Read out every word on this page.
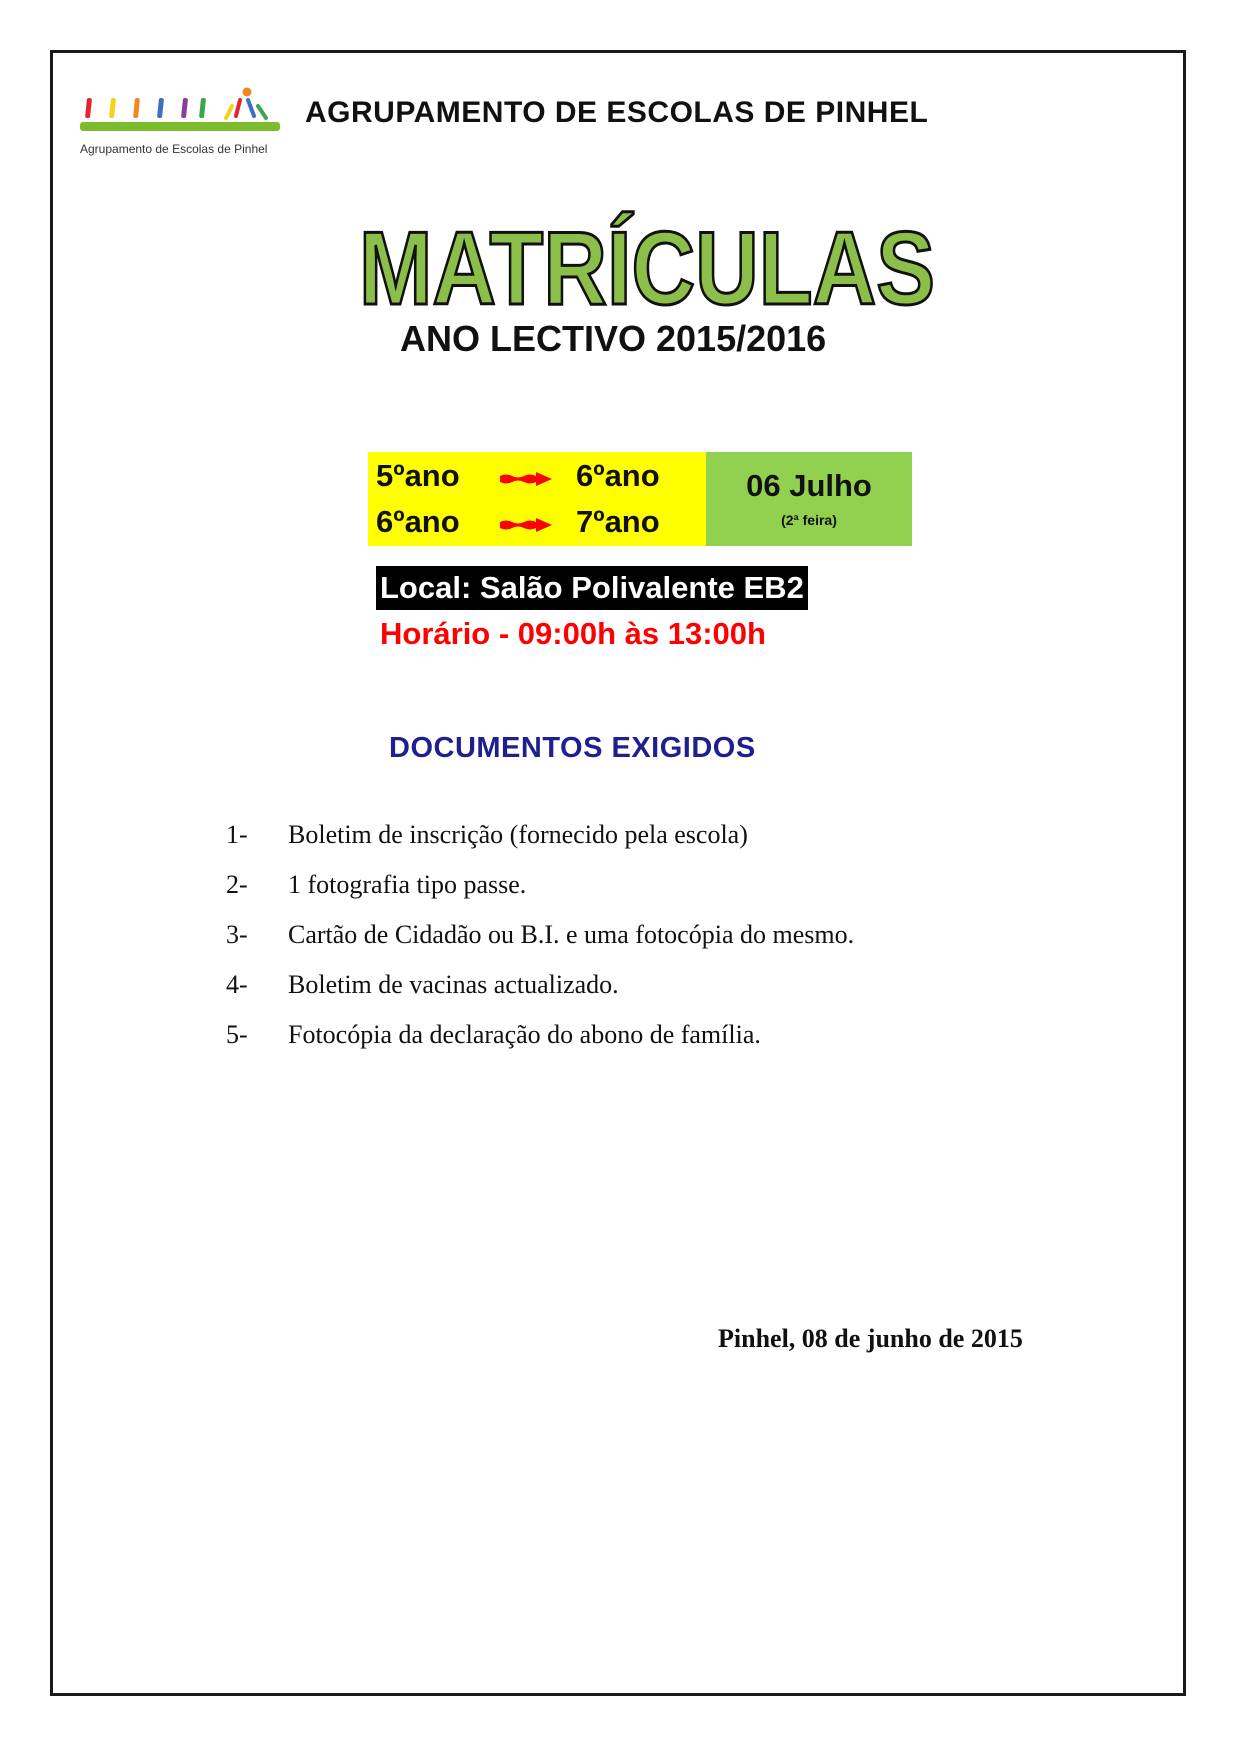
Agrupamento de Escolas de Pinhel
AGRUPAMENTO DE ESCOLAS DE PINHEL
MATRÍCULAS
ANO LECTIVO 2015/2016
5ºano	6ºano
6ºano	7ºano
06 Julho
(2ª feira)
Local: Salão Polivalente EB2
Horário - 09:00h às 13:00h
DOCUMENTOS EXIGIDOS
1- Boletim de inscrição (fornecido pela escola)
2- 1 fotografia tipo passe.
3- Cartão de Cidadão ou B.I. e uma fotocópia do mesmo.
4- Boletim de vacinas actualizado.
5- Fotocópia da declaração do abono de família.
Pinhel, 08 de junho de 2015
